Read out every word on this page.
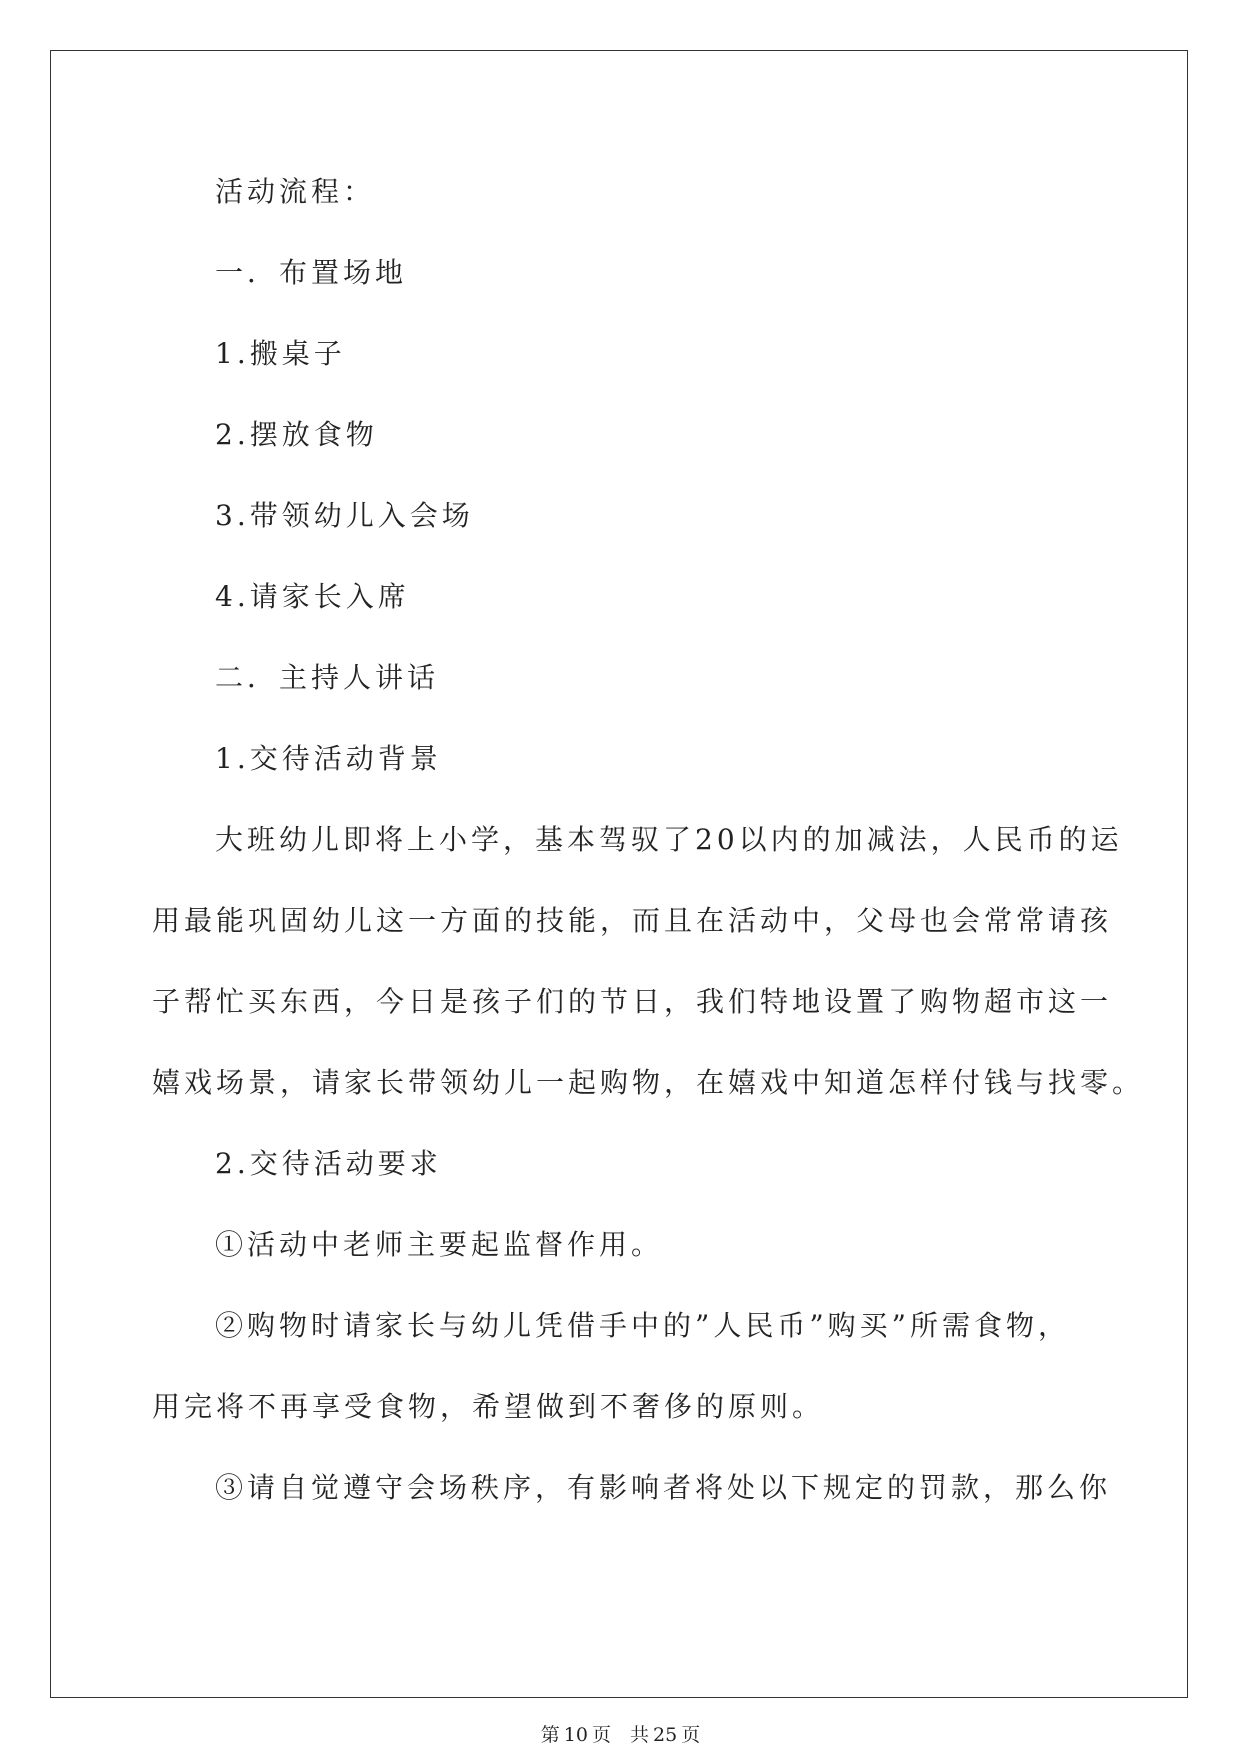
活动流程：
一．布置场地
1.搬桌子
2.摆放食物
3.带领幼儿入会场
4.请家长入席
二．主持人讲话
1.交待活动背景
大班幼儿即将上小学，基本驾驭了20以内的加减法，人民币的运
用最能巩固幼儿这一方面的技能，而且在活动中，父母也会常常请孩
子帮忙买东西，今日是孩子们的节日，我们特地设置了购物超市这一
嬉戏场景，请家长带领幼儿一起购物，在嬉戏中知道怎样付钱与找零。
2.交待活动要求
①活动中老师主要起监督作用。
②购物时请家长与幼儿凭借手中的”人民币”购买”所需食物，
用完将不再享受食物，希望做到不奢侈的原则。
③请自觉遵守会场秩序，有影响者将处以下规定的罚款，那么你
第 10 页　共 25 页
